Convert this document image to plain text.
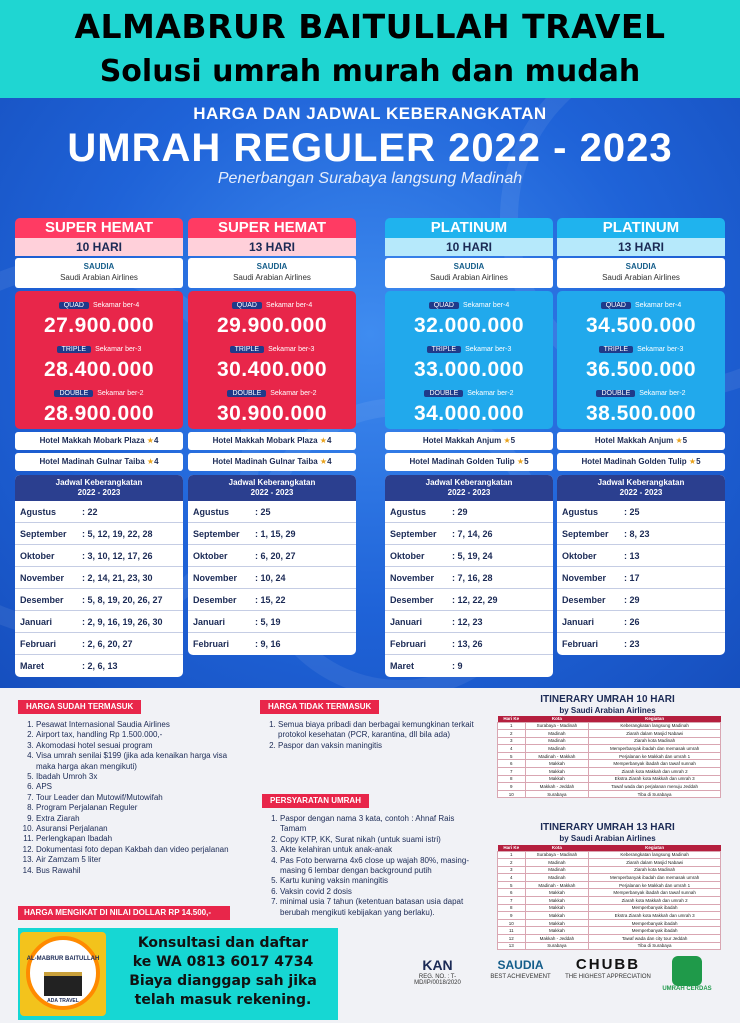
ALMABRUR BAITULLAH TRAVEL
Solusi umrah murah dan mudah
HARGA DAN JADWAL KEBERANGKATAN
UMRAH REGULER 2022 - 2023
Penerbangan Surabaya langsung Madinah
SUPER HEMAT
10 HARI
SAUDIA
Saudi Arabian Airlines
QUAD Sekamar ber-4
27.900.000
TRIPLE Sekamar ber-3
28.400.000
DOUBLE Sekamar ber-2
28.900.000
Hotel Makkah Mobark Plaza ★4
Hotel Madinah Gulnar Taiba ★4
Jadwal Keberangkatan
2022 - 2023
Agustus	: 22
September : 5, 12, 19, 22, 28
Oktober	: 3, 10, 12, 17, 26
November : 2, 14, 21, 23, 30
Desember : 5, 8, 19, 20, 26, 27
Januari	: 2, 9, 16, 19, 26, 30
Februari	: 2, 6, 20, 27
Maret	: 2, 6, 13
SUPER HEMAT
13 HARI
SAUDIA
Saudi Arabian Airlines
QUAD Sekamar ber-4
29.900.000
TRIPLE Sekamar ber-3
30.400.000
DOUBLE Sekamar ber-2
30.900.000
Hotel Makkah Mobark Plaza ★4
Hotel Madinah Gulnar Taiba ★4
Jadwal Keberangkatan
2022 - 2023
Agustus	: 25
September : 1, 15, 29
Oktober	: 6, 20, 27
November : 10, 24
Desember : 15, 22
Januari	: 5, 19
Februari	: 9, 16
PLATINUM
10 HARI
SAUDIA
Saudi Arabian Airlines
QUAD Sekamar ber-4
32.000.000
TRIPLE Sekamar ber-3
33.000.000
DOUBLE Sekamar ber-2
34.000.000
Hotel Makkah Anjum ★5
Hotel Madinah Golden Tulip ★5
Jadwal Keberangkatan
2022 - 2023
Agustus	: 29
September : 7, 14, 26
Oktober	: 5, 19, 24
November : 7, 16, 28
Desember : 12, 22, 29
Januari	: 12, 23
Februari	: 13, 26
Maret	: 9
PLATINUM
13 HARI
SAUDIA
Saudi Arabian Airlines
QUAD Sekamar ber-4
34.500.000
TRIPLE Sekamar ber-3
36.500.000
DOUBLE Sekamar ber-2
38.500.000
Hotel Makkah Anjum ★5
Hotel Madinah Golden Tulip ★5
Jadwal Keberangkatan
2022 - 2023
Agustus	: 25
September : 8, 23
Oktober	: 13
November : 17
Desember : 29
Januari	: 26
Februari	: 23
HARGA SUDAH TERMASUK
1. Pesawat Internasional Saudia Airlines
2. Airport tax, handling Rp 1.500.000,-
3. Akomodasi hotel sesuai program
4. Visa umrah senilai $199 (jika ada kenaikan harga visa maka harga akan mengikuti)
5. Ibadah Umroh 3x
6. APS
7. Tour Leader dan Mutowif/Mutowifah
8. Program Perjalanan Reguler
9. Extra Ziarah
10. Asuransi Perjalanan
11. Perlengkapan Ibadah
12. Dokumentasi foto depan Kakbah dan video perjalanan
13. Air Zamzam 5 liter
14. Bus Rawahil
HARGA TIDAK TERMASUK
1. Semua biaya pribadi dan berbagai kemungkinan terkait protokol kesehatan (PCR, karantina, dll bila ada)
2. Paspor dan vaksin maningitis
PERSYARATAN UMRAH
1. Paspor dengan nama 3 kata, contoh : Ahnaf Rais Tamam
2. Copy KTP, KK, Surat nikah (untuk suami istri)
3. Akte kelahiran untuk anak-anak
4. Pas Foto berwarna 4x6 close up wajah 80%, masing-masing 6 lembar dengan background putih
5. Kartu kuning vaksin maningitis
6. Vaksin covid 2 dosis
7. minimal usia 7 tahun (ketentuan batasan usia dapat berubah mengikuti kebijakan yang berlaku).
ITINERARY UMRAH 10 HARI
by Saudi Arabian Airlines
Hari Ke	Kota	Kegiatan
1	Surabaya - Madinah	Keberangkatan langsung Madinah
2	Madinah	Ziarah dalam Masjid Nabawi
3	Madinah	Ziarah kota Madinah
4	Madinah	Memperbanyak ibadah dan memasak umrah
5	Madinah - Makkah	Perjalanan ke Makkah dan umrah 1
6	Makkah	Memperbanyak ibadah dan tawaf sunnah
7	Makkah	Ziarah kota Makkah dan umrah 2
8	Makkah	Ekstra Ziarah kota Makkah dan umrah 3
9	Makkah - Jeddah	Tawaf wada dan perjalanan menuju Jeddah
10	Surabaya	Tiba di Surabaya
ITINERARY UMRAH 13 HARI
by Saudi Arabian Airlines
Hari Ke	Kota	Kegiatan
1	Surabaya - Madinah	Keberangkatan langsung Madinah
2	Madinah	Ziarah dalam Masjid Nabawi
3	Madinah	Ziarah kota Madinah
4	Madinah	Memperbanyak ibadah dan memasak umrah
5	Madinah - Makkah	Perjalanan ke Makkah dan umrah 1
6	Makkah	Memperbanyak ibadah dan tawaf sunnah
7	Makkah	Ziarah kota Makkah dan umrah 2
8	Makkah	Memperbanyak ibadah
9	Makkah	Ekstra Ziarah kota Makkah dan umrah 3
10	Makkah	Memperbanyak ibadah
11	Makkah	Memperbanyak ibadah
12	Makkah - Jeddah	Tawaf wada dan city tour Jeddah
13	Surabaya	Tiba di Surabaya
HARGA MENGIKAT DI NILAI DOLLAR RP 14.500,-
AL-MABRUR BAITULLAH
ADA TRAVEL
Konsultasi dan daftar
ke WA 0813 6017 4734
Biaya dianggap sah jika
telah masuk rekening.
KAN
REG. NO. : T-MD/IP/0018/2020
SAUDIA
BEST ACHIEVEMENT
CHUBB
THE HIGHEST APPRECIATION
UMRAH CERDAS
